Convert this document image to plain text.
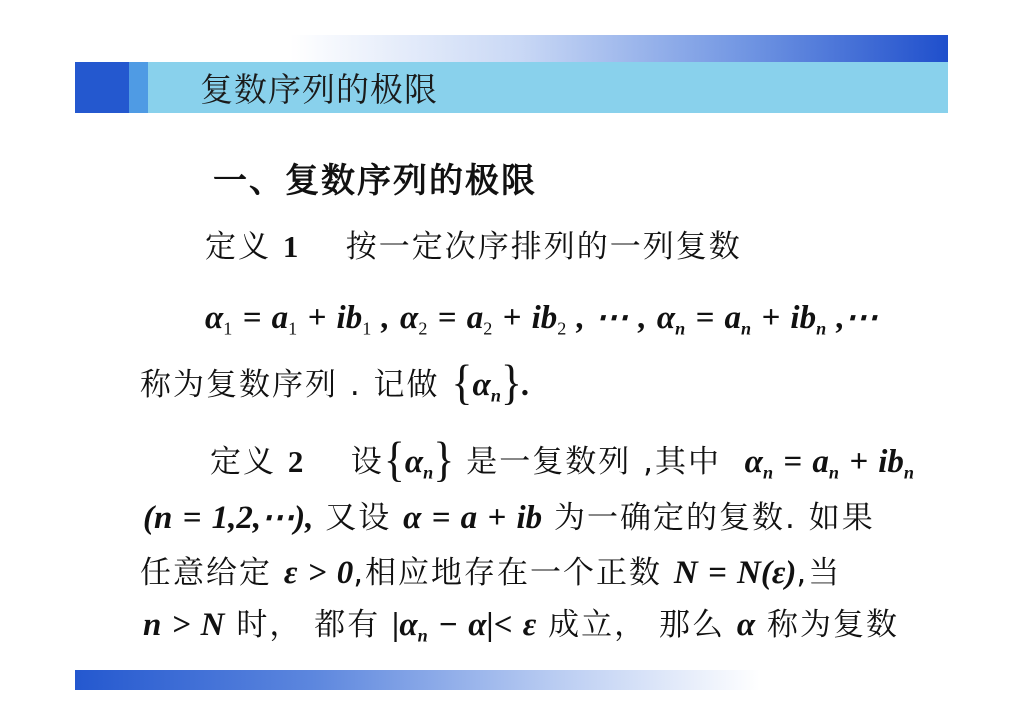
复数序列的极限
一、复数序列的极限
定义 1    按一定次序排列的一列复数
$\alpha_1 = a_1 + ib_1$ , $\alpha_2 = a_2 + ib_2$ , ⋯ , $\alpha_n = a_n + ib_n$ ,⋯
称为复数序列 . 记做 $\{\alpha_n\}$.
定义 2    设$\{\alpha_n\}$ 是一复数列 ,其中  $\alpha_n = a_n + ib_n$
(n = 1,2,⋯), 又设 α = a + ib 为一确定的复数. 如果
任意给定 ε > 0,相应地存在一个正数 N = N(ε),当
n > N 时， 都有 $|\alpha_n - \alpha|< \varepsilon$ 成立， 那么 α 称为复数
